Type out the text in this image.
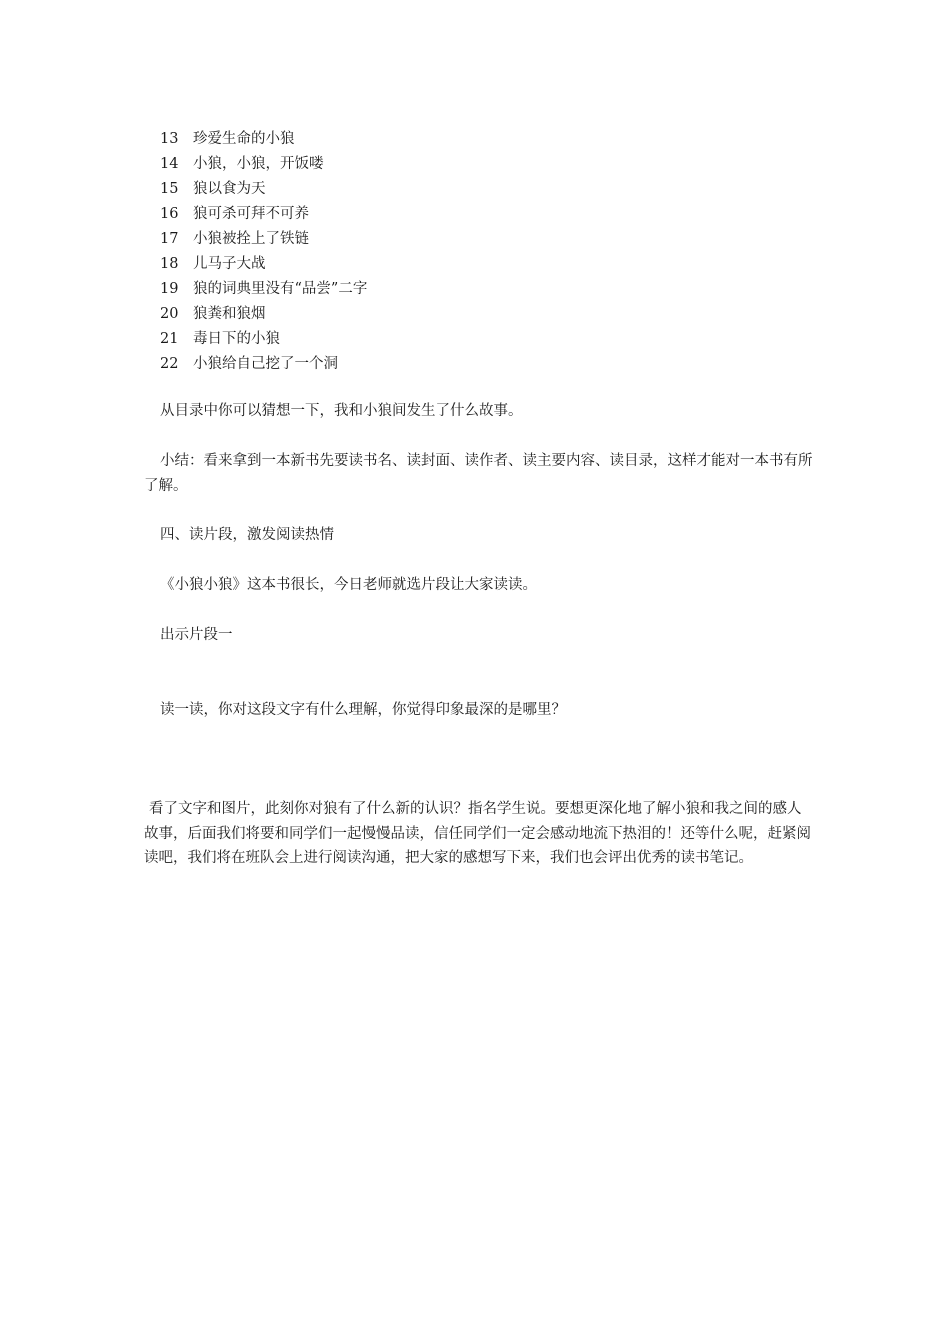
13 珍爱生命的小狼
14 小狼，小狼，开饭喽
15 狼以食为天
16 狼可杀可拜不可养
17 小狼被拴上了铁链
18 儿马子大战
19 狼的词典里没有“品尝”二字
20 狼粪和狼烟
21 毒日下的小狼
22 小狼给自己挖了一个洞

从目录中你可以猜想一下，我和小狼间发生了什么故事。

小结：看来拿到一本新书先要读书名、读封面、读作者、读主要内容、读目录，这样才能对一本书有所了解。

四、读片段，激发阅读热情

《小狼小狼》这本书很长，今日老师就选片段让大家读读。

出示片段一

读一读，你对这段文字有什么理解，你觉得印象最深的是哪里？

看了文字和图片，此刻你对狼有了什么新的认识？指名学生说。要想更深化地了解小狼和我之间的感人故事，后面我们将要和同学们一起慢慢品读，信任同学们一定会感动地流下热泪的！还等什么呢，赶紧阅读吧，我们将在班队会上进行阅读沟通，把大家的感想写下来，我们也会评出优秀的读书笔记。
